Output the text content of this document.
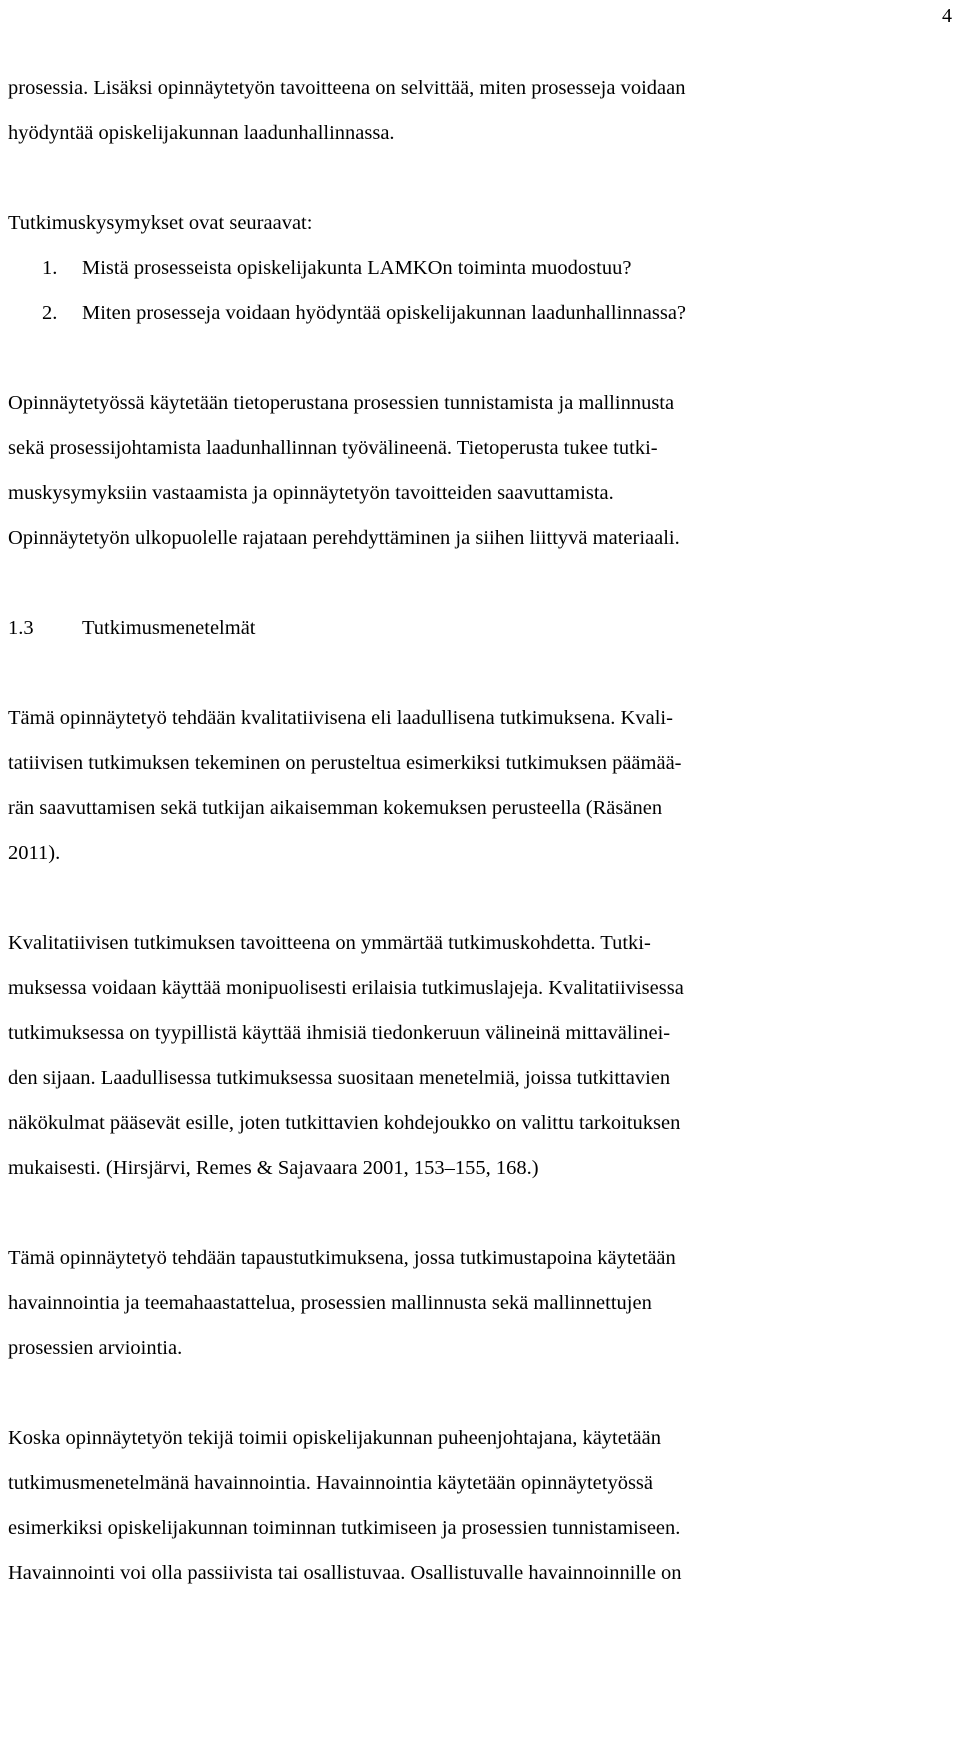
4

prosessia. Lisäksi opinnäytetyön tavoitteena on selvittää, miten prosesseja voidaan

hyödyntää opiskelijakunnan laadunhallinnassa.

Tutkimuskysymykset ovat seuraavat:

1.	Mistä prosesseista opiskelijakunta LAMKOn toiminta muodostuu?
2.	Miten prosesseja voidaan hyödyntää opiskelijakunnan laadunhallinnassa?

Opinnäytetyössä käytetään tietoperustana prosessien tunnistamista ja mallinnusta

sekä prosessijohtamista laadunhallinnan työvälineenä. Tietoperusta tukee tutki-

muskysymyksiin vastaamista ja opinnäytetyön tavoitteiden saavuttamista.

Opinnäytetyön ulkopuolelle rajataan perehdyttäminen ja siihen liittyvä materiaali.

1.3	Tutkimusmenetelmät

Tämä opinnäytetyö tehdään kvalitatiivisena eli laadullisena tutkimuksena. Kvali-

tatiivisen tutkimuksen tekeminen on perusteltua esimerkiksi tutkimuksen päämää-

rän saavuttamisen sekä tutkijan aikaisemman kokemuksen perusteella (Räsänen

2011).

Kvalitatiivisen tutkimuksen tavoitteena on ymmärtää tutkimuskohdetta. Tutki-

muksessa voidaan käyttää monipuolisesti erilaisia tutkimuslajeja. Kvalitatiivisessa

tutkimuksessa on tyypillistä käyttää ihmisiä tiedonkeruun välineinä mittavälinei-

den sijaan. Laadullisessa tutkimuksessa suositaan menetelmiä, joissa tutkittavien

näkökulmat pääsevät esille, joten tutkittavien kohdejoukko on valittu tarkoituksen

mukaisesti. (Hirsjärvi, Remes & Sajavaara 2001, 153–155, 168.)

Tämä opinnäytetyö tehdään tapaustutkimuksena, jossa tutkimustapoina käytetään

havainnointia ja teemahaastattelua, prosessien mallinnusta sekä mallinnettujen

prosessien arviointia.

Koska opinnäytetyön tekijä toimii opiskelijakunnan puheenjohtajana, käytetään

tutkimusmenetelmänä havainnointia. Havainnointia käytetään opinnäytetyössä

esimerkiksi opiskelijakunnan toiminnan tutkimiseen ja prosessien tunnistamiseen.

Havainnointi voi olla passiivista tai osallistuvaa. Osallistuvalle havainnoinnille on
